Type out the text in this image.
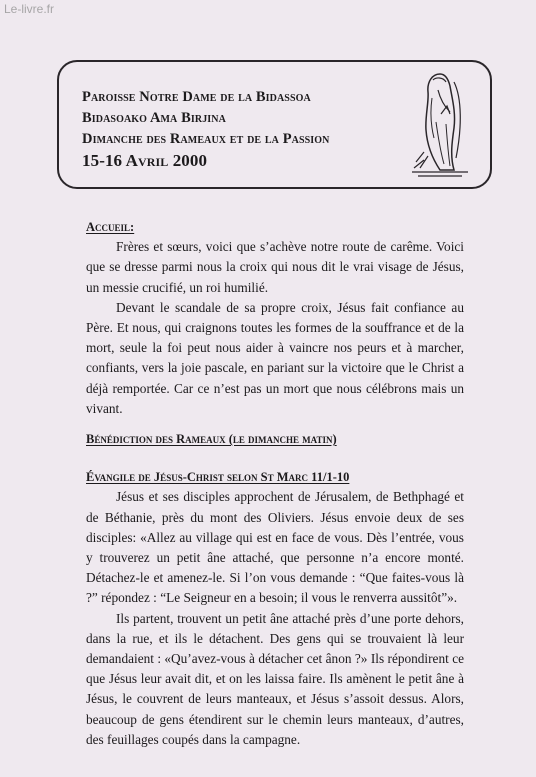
Le-livre.fr
Paroisse Notre Dame de la Bidassoa
Bidasoako Ama Birjina
Dimanche des Rameaux et de la Passion
15-16 Avril 2000
Accueil:

Frères et sœurs, voici que s’achève notre route de carême. Voici que se dresse parmi nous la croix qui nous dit le vrai visage de Jésus, un messie crucifié, un roi humilié.

Devant le scandale de sa propre croix, Jésus fait confiance au Père. Et nous, qui craignons toutes les formes de la souffrance et de la mort, seule la foi peut nous aider à vaincre nos peurs et à marcher, confiants, vers la joie pascale, en pariant sur la victoire que le Christ a déjà remportée. Car ce n’est pas un mort que nous célébrons mais un vivant.

Bénédiction des Rameaux (le dimanche matin)
Évangile de Jésus-Christ selon St Marc 11/1-10

Jésus et ses disciples approchent de Jérusalem, de Bethphagé et de Béthanie, près du mont des Oliviers. Jésus envoie deux de ses disciples: «Allez au village qui est en face de vous. Dès l’entrée, vous y trouverez un petit âne attaché, que personne n’a encore monté. Détachez-le et amenez-le. Si l’on vous demande : “Que faites-vous là ?” répondez : “Le Seigneur en a besoin; il vous le renverra aussitôt”».

Ils partent, trouvent un petit âne attaché près d’une porte dehors, dans la rue, et ils le détachent. Des gens qui se trouvaient là leur demandaient : «Qu’avez-vous à détacher cet ânon ?» Ils répondirent ce que Jésus leur avait dit, et on les laissa faire. Ils amènent le petit âne à Jésus, le couvrent de leurs manteaux, et Jésus s’assoit dessus. Alors, beaucoup de gens étendirent sur le chemin leurs manteaux, d’autres, des feuillages coupés dans la campagne.
